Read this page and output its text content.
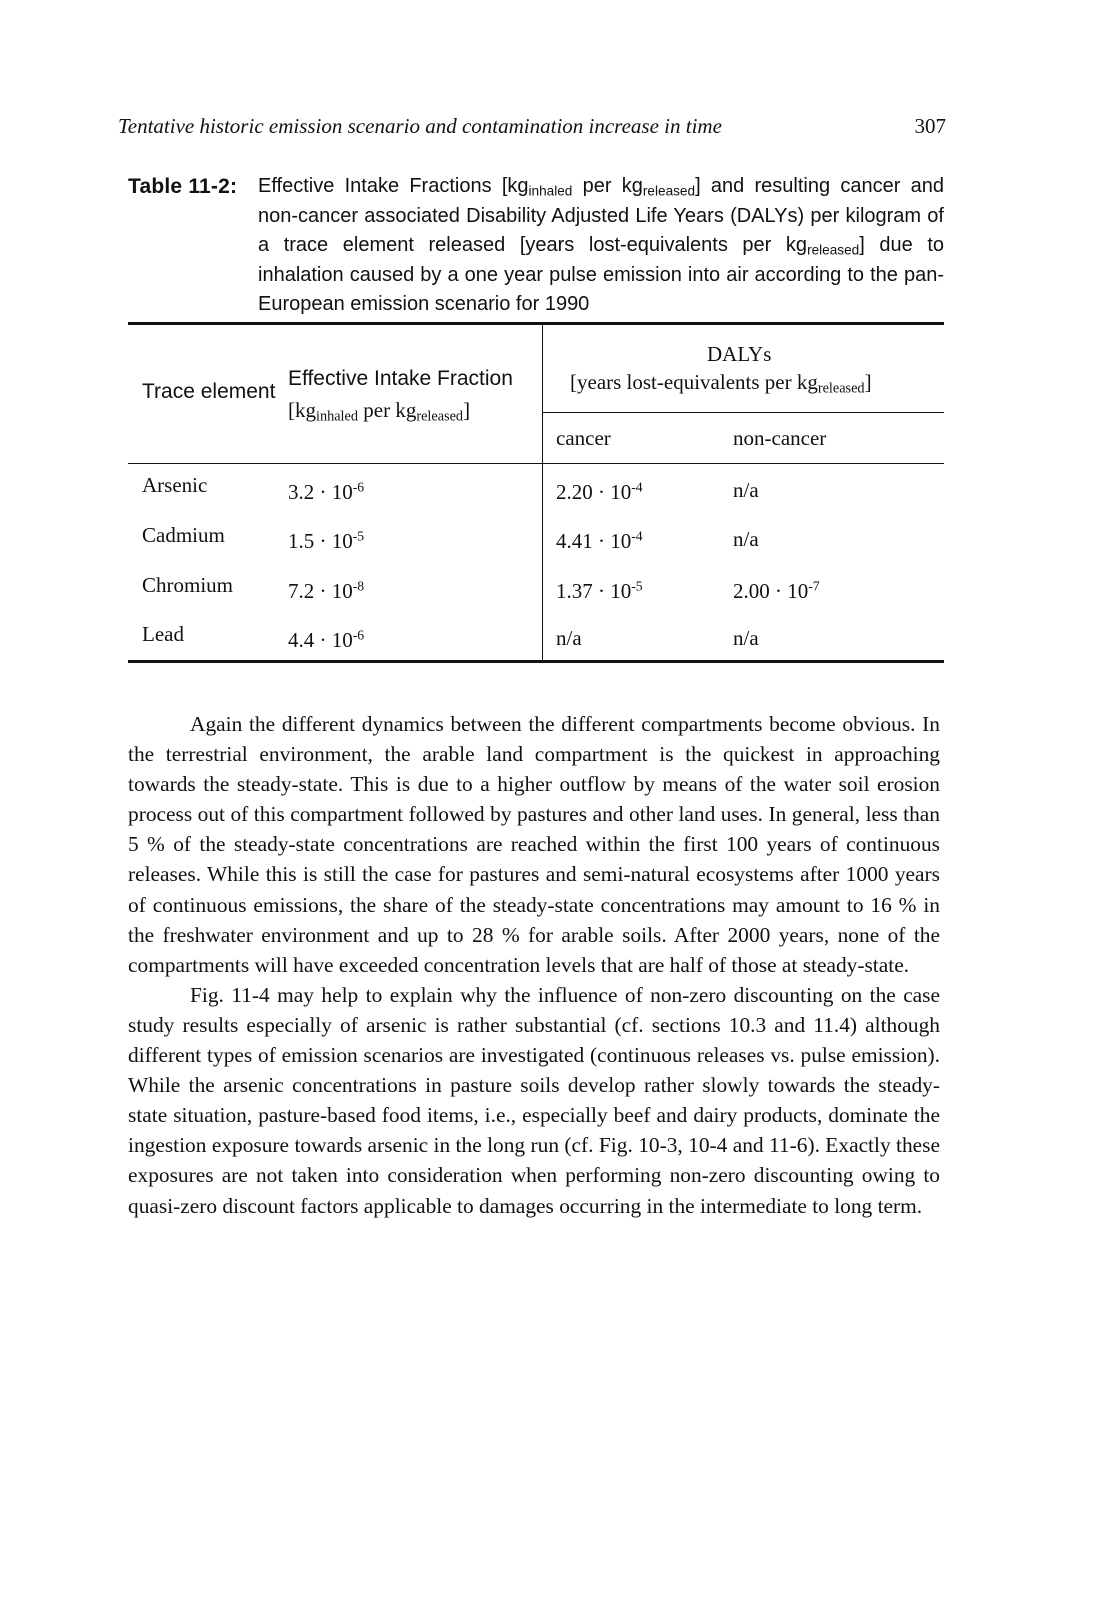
Tentative historic emission scenario and contamination increase in time	307
Table 11-2: Effective Intake Fractions [$kg_{inhaled}$ per $kg_{released}$] and resulting cancer and non-cancer associated Disability Adjusted Life Years (DALYs) per kilogram of a trace element released [years lost-equivalents per $kg_{released}$] due to inhalation caused by a one year pulse emission into air according to the pan-European emission scenario for 1990
Trace element
Effective Intake Fraction
[$kg_{inhaled}$ per $kg_{released}$]
DALYs
[years lost-equivalents per $kg_{released}$]
cancer	non-cancer
Arsenic	$3.2 \cdot 10^{-6}$	$2.20 \cdot 10^{-4}$	n/a
Cadmium	$1.5 \cdot 10^{-5}$	$4.41 \cdot 10^{-4}$	n/a
Chromium	$7.2 \cdot 10^{-8}$	$1.37 \cdot 10^{-5}$	$2.00 \cdot 10^{-7}$
Lead	$4.4 \cdot 10^{-6}$	n/a	n/a

Again the different dynamics between the different compartments become obvious. In the terrestrial environment, the arable land compartment is the quickest in approaching towards the steady-state. This is due to a higher outflow by means of the water soil erosion process out of this compartment followed by pastures and other land uses. In general, less than 5 % of the steady-state concentrations are reached within the first 100 years of continuous releases. While this is still the case for pastures and semi-natural ecosystems after 1000 years of continuous emissions, the share of the steady-state concentrations may amount to 16 % in the freshwater environment and up to 28 % for arable soils. After 2000 years, none of the compartments will have exceeded concentration levels that are half of those at steady-state.

Fig. 11-4 may help to explain why the influence of non-zero discounting on the case study results especially of arsenic is rather substantial (cf. sections 10.3 and 11.4) although different types of emission scenarios are investigated (continuous releases vs. pulse emission). While the arsenic concentrations in pasture soils develop rather slowly towards the steady-state situation, pasture-based food items, i.e., especially beef and dairy products, dominate the ingestion exposure towards arsenic in the long run (cf. Fig. 10-3, 10-4 and 11-6). Exactly these exposures are not taken into consideration when performing non-zero discounting owing to quasi-zero discount factors applicable to damages occurring in the intermediate to long term.
